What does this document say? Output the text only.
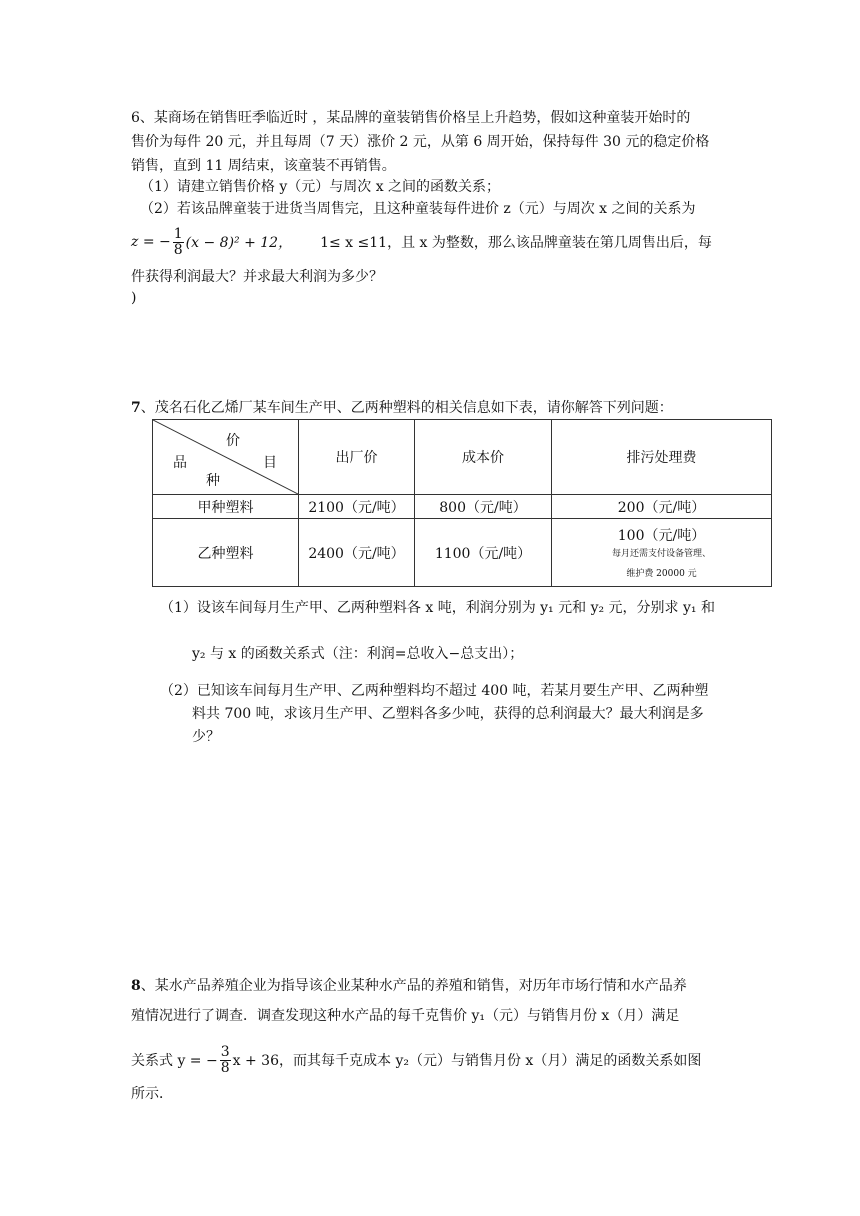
6、某商场在销售旺季临近时 ，某品牌的童装销售价格呈上升趋势，假如这种童装开始时的
售价为每件 20 元，并且每周（7 天）涨价 2 元，从第 6 周开始，保持每件 30 元的稳定价格
销售，直到 11 周结束，该童装不再销售。
（1）请建立销售价格 y（元）与周次 x 之间的函数关系；
（2）若该品牌童装于进货当周售完，且这种童装每件进价 z（元）与周次 x 之间的关系为
z = − $\frac{1}{8} (x - 8)^2 + 12$， 1≤ x ≤11，且 x 为整数，那么该品牌童装在第几周售出后，每
件获得利润最大？并求最大利润为多少？
)
7、茂名石化乙烯厂某车间生产甲、乙两种塑料的相关信息如下表，请你解答下列问题：
价
品 目
种	出厂价	成本价	排污处理费
甲种塑料	2100（元/吨）	800（元/吨）	200（元/吨）
乙种塑料	2400（元/吨）	1100（元/吨）	100（元/吨）
每月还需支付设备管理、
维护费 20000 元
（1）设该车间每月生产甲、乙两种塑料各 x 吨，利润分别为 y₁ 元和 y₂ 元，分别求 y₁ 和
y₂ 与 x 的函数关系式（注：利润=总收入−总支出）；
（2）已知该车间每月生产甲、乙两种塑料均不超过 400 吨，若某月要生产甲、乙两种塑
料共 700 吨，求该月生产甲、乙塑料各多少吨，获得的总利润最大？最大利润是多
少？
8、某水产品养殖企业为指导该企业某种水产品的养殖和销售，对历年市场行情和水产品养
殖情况进行了调查．调查发现这种水产品的每千克售价 y₁（元）与销售月份 x（月）满足
关系式 y = − $\frac{3}{8}$ x + 36，而其每千克成本 y₂（元）与销售月份 x（月）满足的函数关系如图
所示．
